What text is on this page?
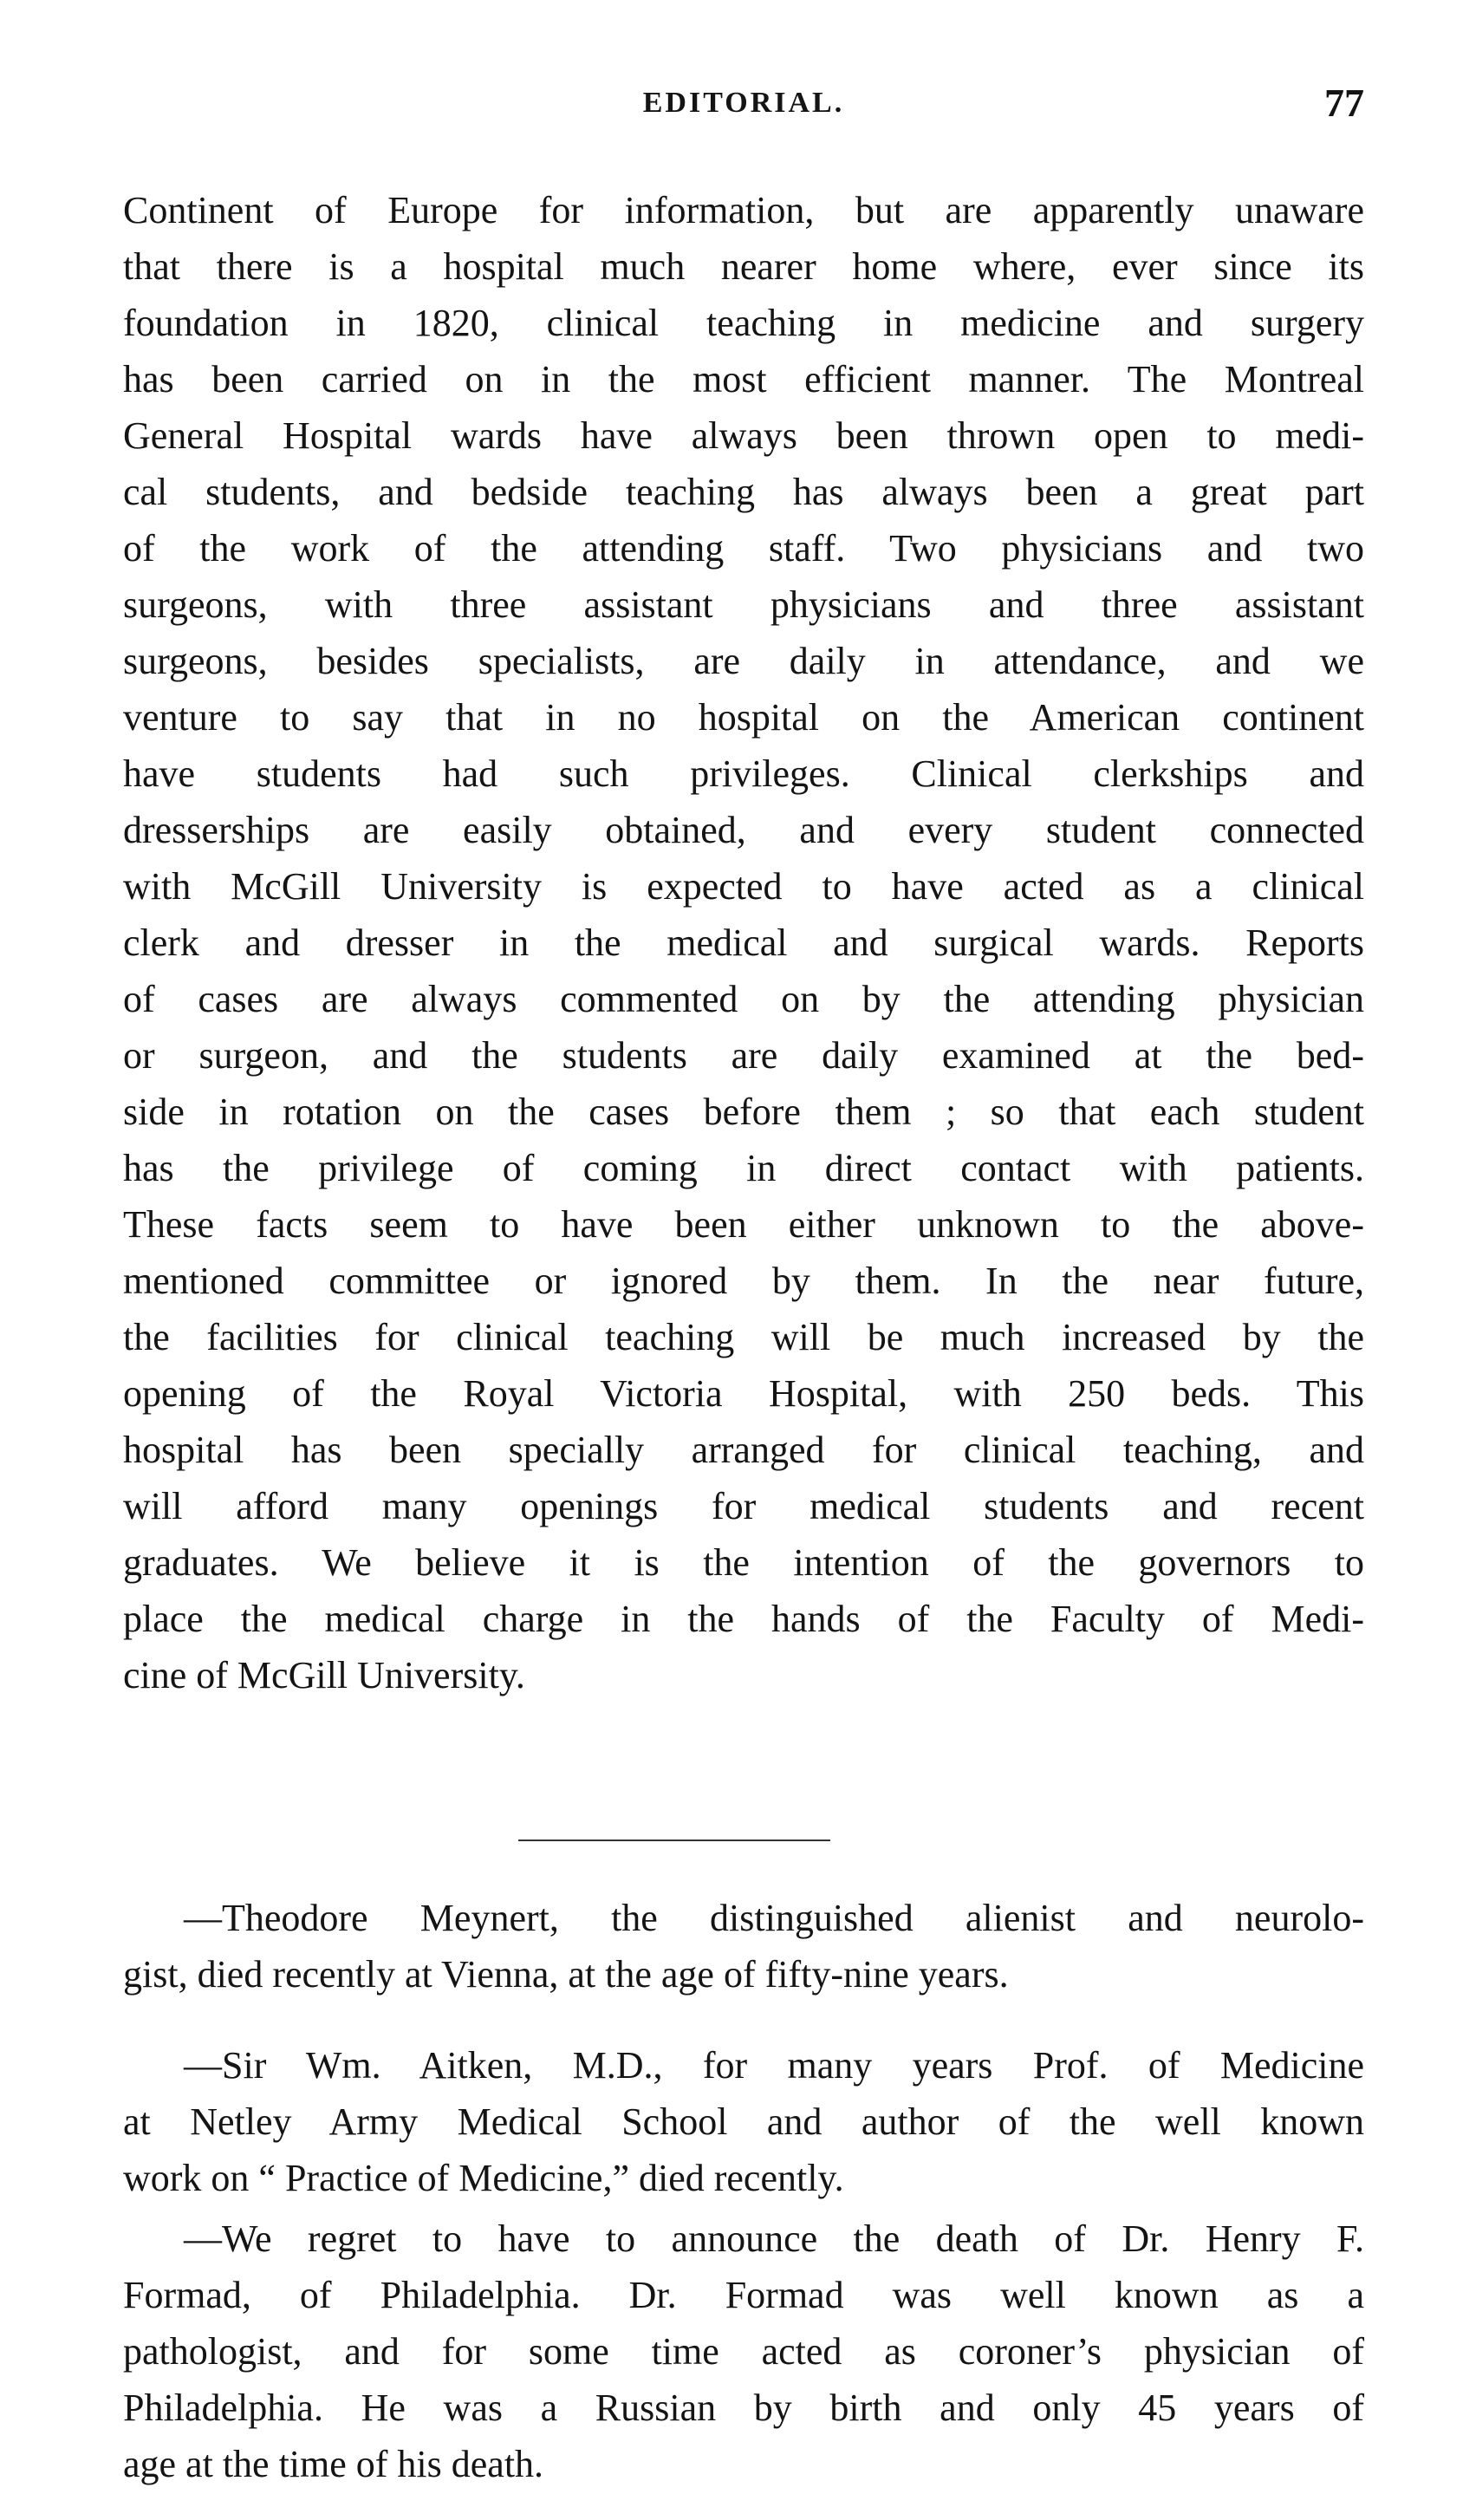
EDITORIAL.	77
Continent of Europe for information, but are apparently unaware
that there is a hospital much nearer home where, ever since its
foundation in 1820, clinical teaching in medicine and surgery
has been carried on in the most efficient manner. The Montreal
General Hospital wards have always been thrown open to medi-
cal students, and bedside teaching has always been a great part
of the work of the attending staff. Two physicians and two
surgeons, with three assistant physicians and three assistant
surgeons, besides specialists, are daily in attendance, and we
venture to say that in no hospital on the American continent
have students had such privileges. Clinical clerkships and
dresserships are easily obtained, and every student connected
with McGill University is expected to have acted as a clinical
clerk and dresser in the medical and surgical wards. Reports
of cases are always commented on by the attending physician
or surgeon, and the students are daily examined at the bed-
side in rotation on the cases before them ; so that each student
has the privilege of coming in direct contact with patients.
These facts seem to have been either unknown to the above-
mentioned committee or ignored by them. In the near future,
the facilities for clinical teaching will be much increased by the
opening of the Royal Victoria Hospital, with 250 beds. This
hospital has been specially arranged for clinical teaching, and
will afford many openings for medical students and recent
graduates. We believe it is the intention of the governors to
place the medical charge in the hands of the Faculty of Medi-
cine of McGill University.
—Theodore Meynert, the distinguished alienist and neurolo-
gist, died recently at Vienna, at the age of fifty-nine years.
—Sir Wm. Aitken, M.D., for many years Prof. of Medicine
at Netley Army Medical School and author of the well known
work on “ Practice of Medicine,” died recently.
—We regret to have to announce the death of Dr. Henry F.
Formad, of Philadelphia. Dr. Formad was well known as a
pathologist, and for some time acted as coroner’s physician of
Philadelphia. He was a Russian by birth and only 45 years of
age at the time of his death.
